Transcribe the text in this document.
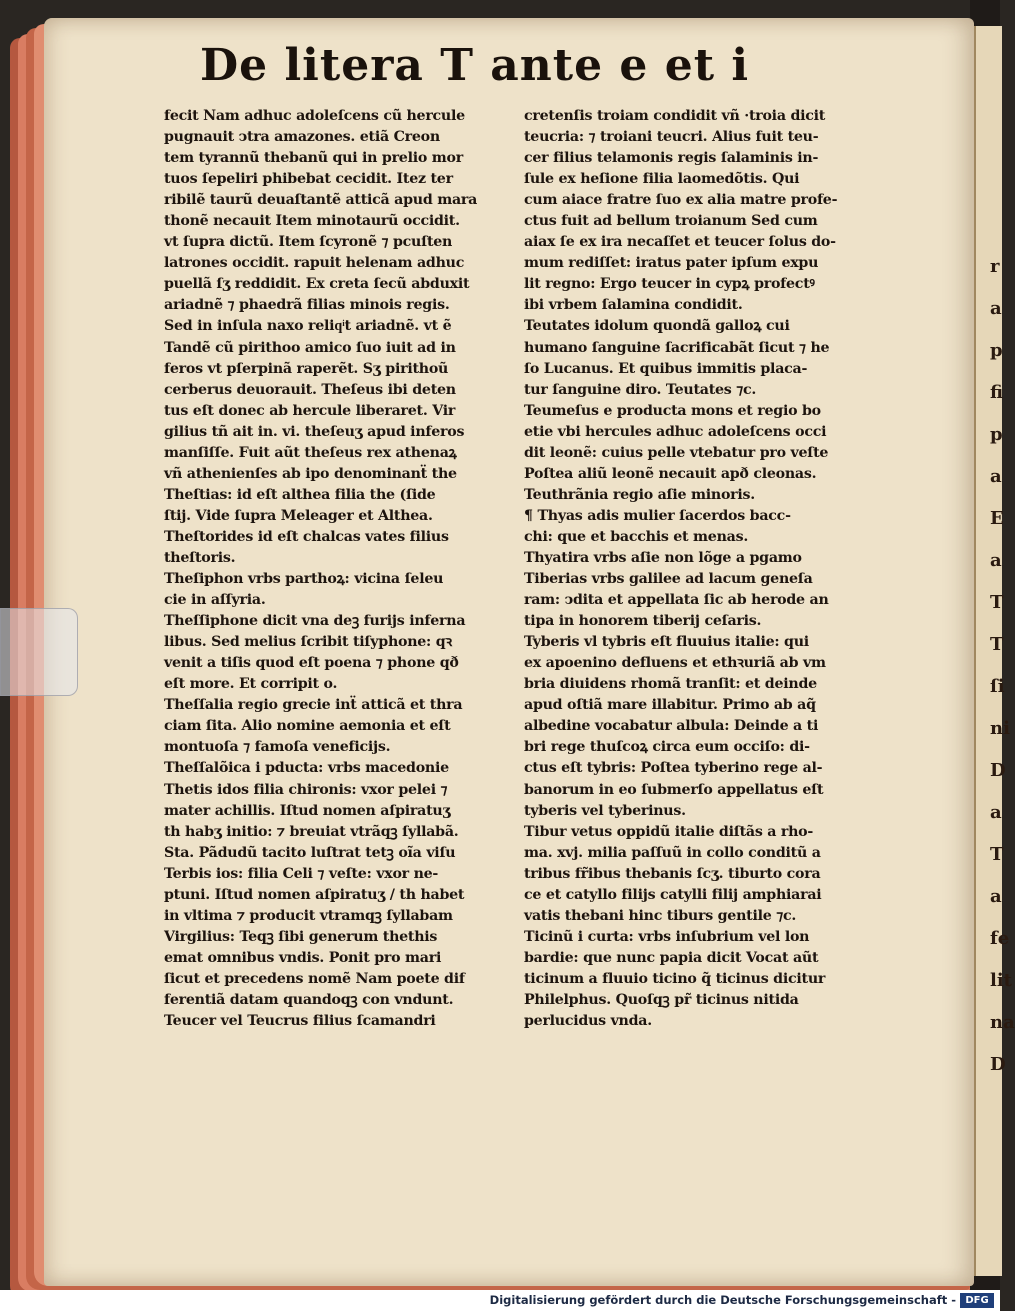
r
a
p
fi
p
a
E
a
T
T
ſi
ni
D
a
T
a
fe
lit
na
D
De litera T ante e et i
fecit Nam adhuc adoleſcens cũ hercule
pugnauit ↄtra amazones. etiã Creon
tem tyrannũ thebanũ qui in prelio mor
tuos ſepeliri phibebat cecidit. Itez ter
ribilẽ taurũ deuaſtantẽ atticã apud mara
thonẽ necauit Item minotaurũ occidit.
vt ſupra dictũ. Item ſcyronẽ ⁊ pcuſten
latrones occidit. rapuit helenam adhuc
puellã ſʒ reddidit. Ex creta ſecũ abduxit
ariadnẽ ⁊ phaedrã filias minois regis.
Sed in inſula naxo reliqͥt ariadnẽ. vt ẽ
Tandẽ cũ pirithoo amico ſuo iuit ad in
feros vt pſerpinã raperẽt. Sʒ pirithoũ
cerberus deuorauit. Theſeus ibi deten
tus eſt donec ab hercule liberaret. Vir
gilius tñ ait in. vi. theſeuʒ apud inferos
manſiſſe. Fuit aũt theſeus rex athenaꝝ
vñ athenienſes ab ipo denominanẗ the
Theſtias: id eſt althea filia the (ſide
ſtij. Vide ſupra Meleager et Althea.
Theſtorides id eſt chalcas vates filius
theſtoris.
Theſiphon vrbs parthoꝝ: vicina ſeleu
cie in aſſyria.
Theſſiphone dicit vna deꝫ furijs inferna
libus. Sed melius ſcribit tiſyphone: qꝛ
venit a tiſis quod eſt poena ⁊ phone qð
eſt more. Et corripit o.
Theſſalia regio grecie inẗ atticã et thra
ciam ſita. Alio nomine aemonia et eſt
montuoſa ⁊ famoſa veneficijs.
Theſſalõica i pducta: vrbs macedonie
Thetis idos filia chironis: vxor pelei ⁊
mater achillis. Iſtud nomen aſpiratuʒ
th habʒ initio: ⁊ breuiat vtrãqꝫ ſyllabã.
Sta. Pãdudũ tacito luſtrat tetꝫ oĩa viſu
Terbis ios: filia Celi ⁊ veſte: vxor ne-
ptuni. Iſtud nomen aſpiratuʒ / th habet
in vltima ⁊ producit vtramqꝫ ſyllabam
Virgilius: Teqꝫ ſibi generum thethis
emat omnibus vndis. Ponit pro mari
ſicut et precedens nomẽ Nam poete dif
ferentiã datam quandoqꝫ con vndunt.
Teucer vel Teucrus filius ſcamandri
cretenſis troiam condidit vñ ·troia dicit
teucria: ⁊ troiani teucri. Alius fuit teu-
cer filius telamonis regis ſalaminis in-
ſule ex heſione filia laomedõtis. Qui
cum aiace fratre ſuo ex alia matre profe-
ctus fuit ad bellum troianum Sed cum
aiax ſe ex ira necaſſet et teucer ſolus do-
mum rediſſet: iratus pater ipſum expu
lit regno: Ergo teucer in cypꝝ profectꝰ
ibi vrbem ſalamina condidit.
Teutates idolum quondã galloꝝ cui
humano ſanguine ſacrificabãt ſicut ⁊ he
ſo Lucanus. Et quibus immitis placa-
tur ſanguine diro. Teutates ⁊c.
Teumeſus e producta mons et regio bo
etie vbi hercules adhuc adoleſcens occi
dit leonẽ: cuius pelle vtebatur pro veſte
Poſtea aliũ leonẽ necauit apð cleonas.
Teuthrãnia regio aſie minoris.
¶ Thyas adis mulier ſacerdos bacc-
chi: que et bacchis et menas.
Thyatira vrbs aſie non lõge a pgamo
Tiberias vrbs galilee ad lacum geneſa
ram: ↄdita et appellata ſic ab herode an
tipa in honorem tiberij ceſaris.
Tyberis vl tybris eſt fluuius italie: qui
ex apoenino defluens et ethꝛuriã ab vm
bria diuidens rhomã tranſit: et deinde
apud oſtiã mare illabitur. Primo ab aq̃
albedine vocabatur albula: Deinde a ti
bri rege thuſcoꝝ circa eum occiſo: di-
ctus eſt tybris: Poſtea tyberino rege al-
banorum in eo ſubmerſo appellatus eſt
tyberis vel tyberinus.
Tibur vetus oppidũ italie diſtãs a rho-
ma. xvj. milia paſſuũ in collo conditũ a
tribus fr̃ibus thebanis ſcʒ. tiburto cora
ce et catyllo filijs catylli filij amphiarai
vatis thebani hinc tiburs gentile ⁊c.
Ticinũ i curta: vrbs inſubrium vel lon
bardie: que nunc papia dicit Vocat aũt
ticinum a fluuio ticino q̃ ticinus dicitur
Philelphus. Quoſqꝫ pr̃ ticinus nitida
perlucidus vnda.
Digitalisierung gefördert durch die Deutsche Forschungsgemeinschaft - DFG
